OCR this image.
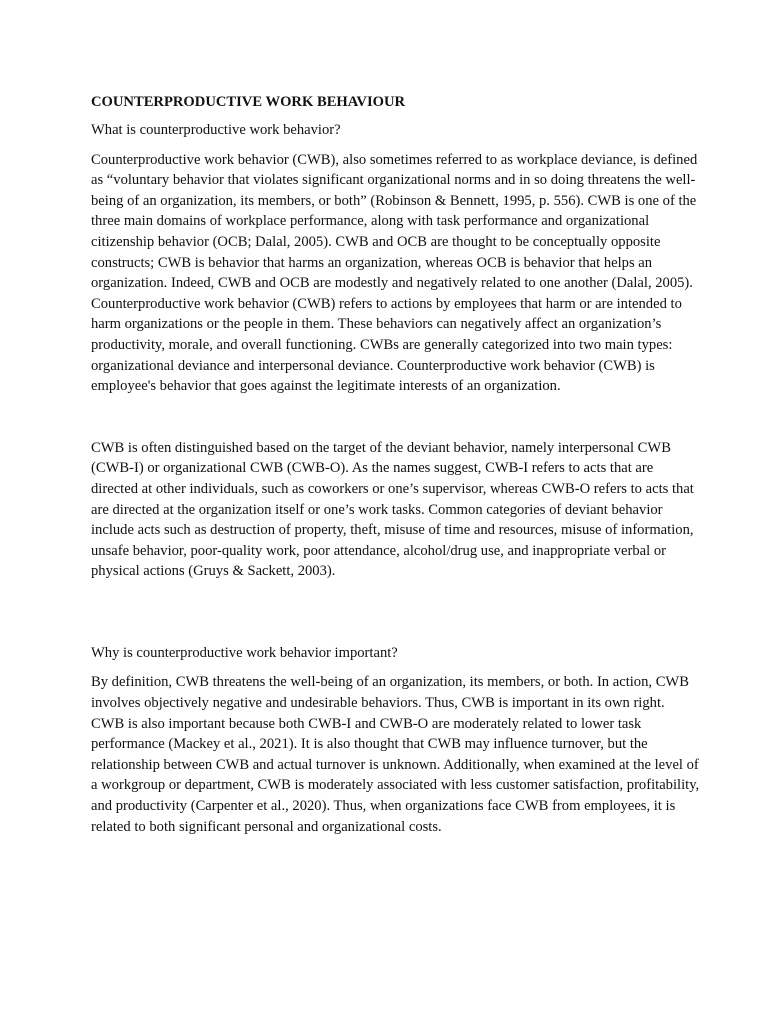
COUNTERPRODUCTIVE WORK BEHAVIOUR
What is counterproductive work behavior?

Counterproductive work behavior (CWB), also sometimes referred to as workplace deviance, is defined as “voluntary behavior that violates significant organizational norms and in so doing threatens the well-being of an organization, its members, or both” (Robinson & Bennett, 1995, p. 556). CWB is one of the three main domains of workplace performance, along with task performance and organizational citizenship behavior (OCB; Dalal, 2005). CWB and OCB are thought to be conceptually opposite constructs; CWB is behavior that harms an organization, whereas OCB is behavior that helps an organization. Indeed, CWB and OCB are modestly and negatively related to one another (Dalal, 2005). Counterproductive work behavior (CWB) refers to actions by employees that harm or are intended to harm organizations or the people in them. These behaviors can negatively affect an organization’s productivity, morale, and overall functioning. CWBs are generally categorized into two main types: organizational deviance and interpersonal deviance. Counterproductive work behavior (CWB) is employee's behavior that goes against the legitimate interests of an organization.

CWB is often distinguished based on the target of the deviant behavior, namely interpersonal CWB (CWB-I) or organizational CWB (CWB-O). As the names suggest, CWB-I refers to acts that are directed at other individuals, such as coworkers or one’s supervisor, whereas CWB-O refers to acts that are directed at the organization itself or one’s work tasks. Common categories of deviant behavior include acts such as destruction of property, theft, misuse of time and resources, misuse of information, unsafe behavior, poor-quality work, poor attendance, alcohol/drug use, and inappropriate verbal or physical actions (Gruys & Sackett, 2003).

Why is counterproductive work behavior important?

By definition, CWB threatens the well-being of an organization, its members, or both. In action, CWB involves objectively negative and undesirable behaviors. Thus, CWB is important in its own right. CWB is also important because both CWB-I and CWB-O are moderately related to lower task performance (Mackey et al., 2021). It is also thought that CWB may influence turnover, but the relationship between CWB and actual turnover is unknown. Additionally, when examined at the level of a workgroup or department, CWB is moderately associated with less customer satisfaction, profitability, and productivity (Carpenter et al., 2020). Thus, when organizations face CWB from employees, it is related to both significant personal and organizational costs.
